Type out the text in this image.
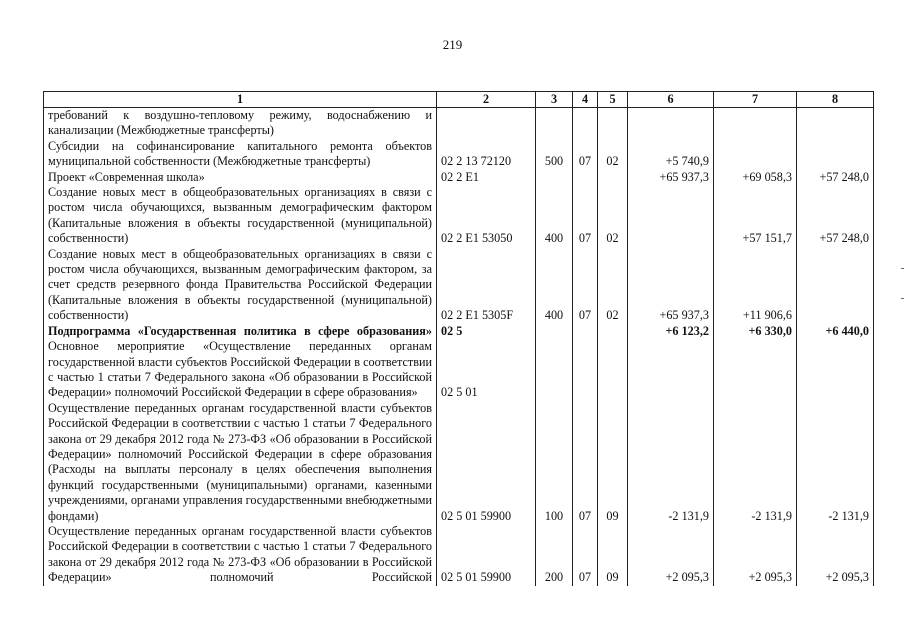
219
1	2	3	4	5	6	7	8
требований к воздушно-тепловому режиму, водоснабжению и канализации (Межбюджетные трансферты)							
Субсидии на софинансирование капитального ремонта объектов муниципальной собственности (Межбюджетные трансферты)	02 2 13 72120	500	07	02	+5 740,9		
Проект «Современная школа»	02 2 E1				+65 937,3	+69 058,3	+57 248,0
Создание новых мест в общеобразовательных организациях в связи с ростом числа обучающихся, вызванным демографическим фактором (Капитальные вложения в объекты государственной (муниципальной) собственности)	02 2 E1 53050	400	07	02		+57 151,7	+57 248,0
Создание новых мест в общеобразовательных организациях в связи с ростом числа обучающихся, вызванным демографическим фактором, за счет средств резервного фонда Правительства Российской Федерации (Капитальные вложения в объекты государственной (муниципальной) собственности)	02 2 E1 5305F	400	07	02	+65 937,3	+11 906,6	
Подпрограмма «Государственная политика в сфере образования»	02 5				+6 123,2	+6 330,0	+6 440,0
Основное мероприятие «Осуществление переданных органам государственной власти субъектов Российской Федерации в соответствии с частью 1 статьи 7 Федерального закона «Об образовании в Российской Федерации» полномочий Российской Федерации в сфере образования»	02 5 01						
Осуществление переданных органам государственной власти субъектов Российской Федерации в соответствии с частью 1 статьи 7 Федерального закона от 29 декабря 2012 года № 273-ФЗ «Об образовании в Российской Федерации» полномочий Российской Федерации в сфере образования (Расходы на выплаты персоналу в целях обеспечения выполнения функций государственными (муниципальными) органами, казенными учреждениями, органами управления государственными внебюджетными фондами)	02 5 01 59900	100	07	09	-2 131,9	-2 131,9	-2 131,9
Осуществление переданных органам государственной власти субъектов Российской Федерации в соответствии с частью 1 статьи 7 Федерального закона от 29 декабря 2012 года № 273-ФЗ «Об образовании в Российской Федерации» полномочий Российской	02 5 01 59900	200	07	09	+2 095,3	+2 095,3	+2 095,3
